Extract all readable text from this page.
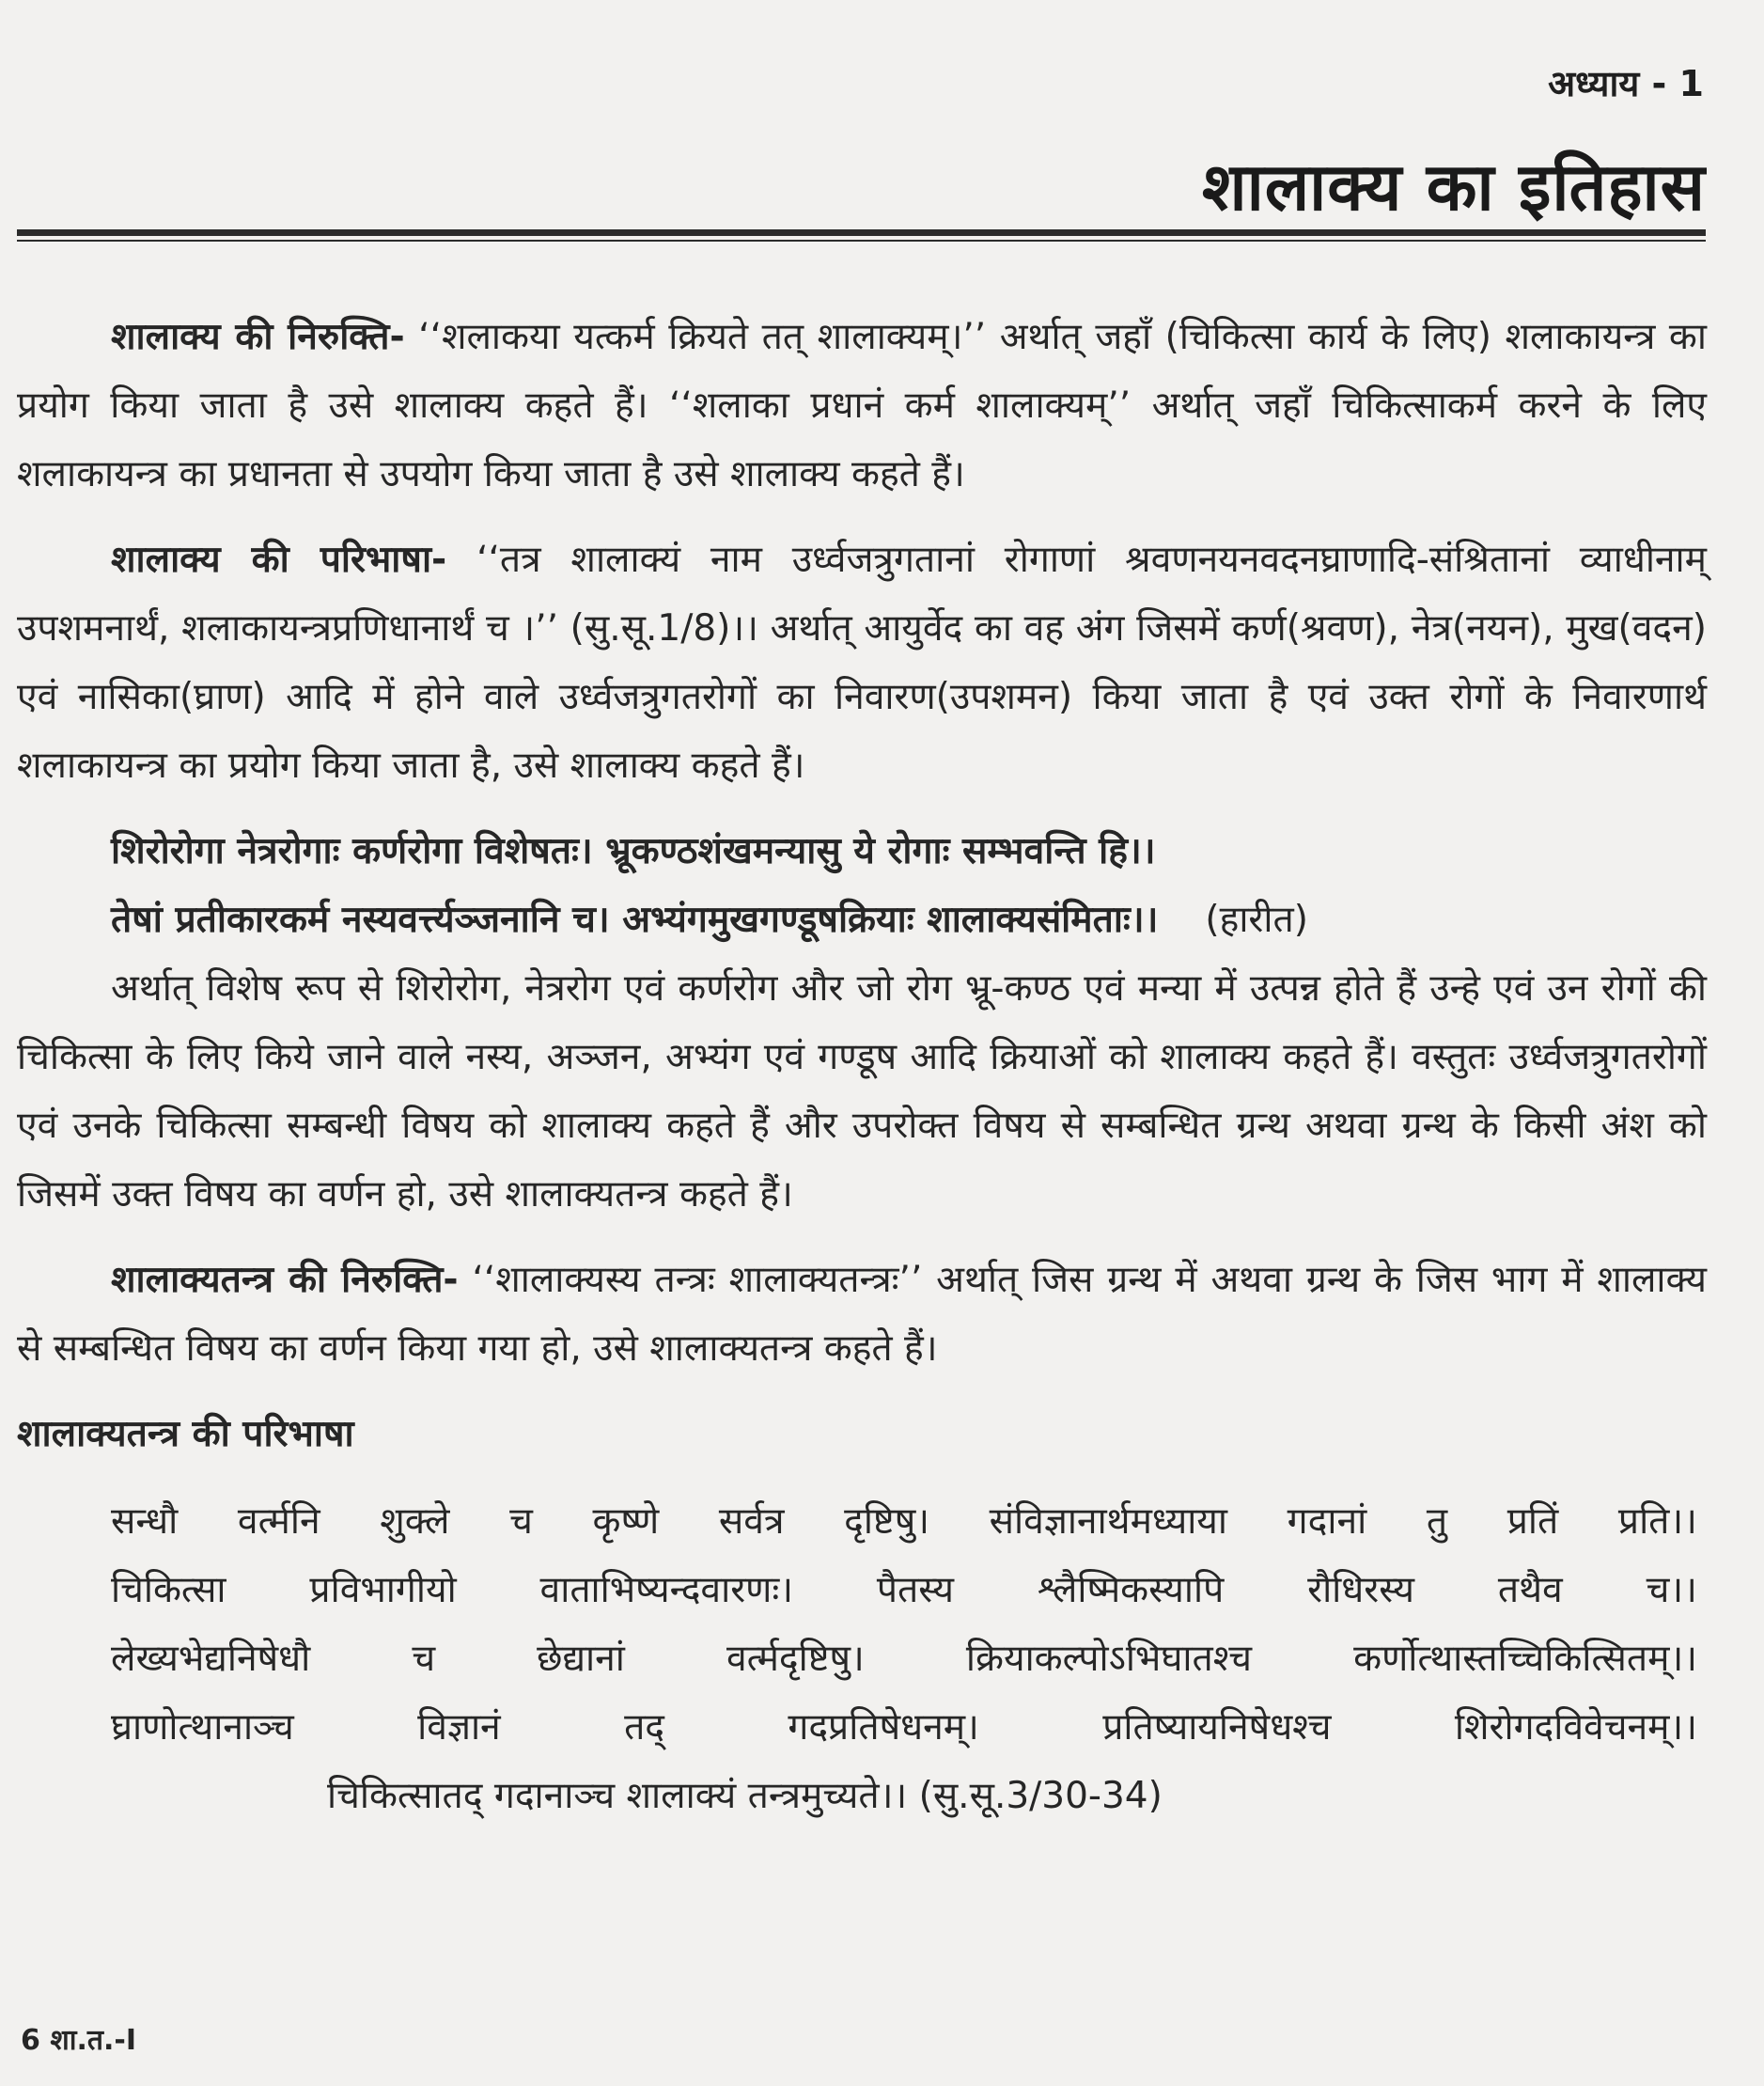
अध्याय - 1
शालाक्य का इतिहास

शालाक्य की निरुक्ति- ‘‘शलाकया यत्कर्म क्रियते तत् शालाक्यम्।’’ अर्थात् जहाँ (चिकित्सा कार्य के लिए) शलाकायन्त्र का प्रयोग किया जाता है उसे शालाक्य कहते हैं। ‘‘शलाका प्रधानं कर्म शालाक्यम्’’ अर्थात् जहाँ चिकित्साकर्म करने के लिए शलाकायन्त्र का प्रधानता से उपयोग किया जाता है उसे शालाक्य कहते हैं।

शालाक्य की परिभाषा- ‘‘तत्र शालाक्यं नाम उर्ध्वजत्रुगतानां रोगाणां श्रवणनयनवदनघ्राणादि-संश्रितानां व्याधीनाम् उपशमनार्थं, शलाकायन्त्रप्रणिधानार्थं च ।’’ (सु.सू.1/8)।। अर्थात् आयुर्वेद का वह अंग जिसमें कर्ण(श्रवण), नेत्र(नयन), मुख(वदन) एवं नासिका(घ्राण) आदि में होने वाले उर्ध्वजत्रुगतरोगों का निवारण(उपशमन) किया जाता है एवं उक्त रोगों के निवारणार्थ शलाकायन्त्र का प्रयोग किया जाता है, उसे शालाक्य कहते हैं।

शिरोरोगा नेत्ररोगाः कर्णरोगा विशेषतः। भ्रूकण्ठशंखमन्यासु ये रोगाः सम्भवन्ति हि।।
तेषां प्रतीकारकर्म नस्यवर्त्त्यञ्जनानि च। अभ्यंगमुखगण्डूषक्रियाः शालाक्यसंमिताः।। (हारीत)

अर्थात् विशेष रूप से शिरोरोग, नेत्ररोग एवं कर्णरोग और जो रोग भ्रू-कण्ठ एवं मन्या में उत्पन्न होते हैं उन्हे एवं उन रोगों की चिकित्सा के लिए किये जाने वाले नस्य, अञ्जन, अभ्यंग एवं गण्डूष आदि क्रियाओं को शालाक्य कहते हैं। वस्तुतः उर्ध्वजत्रुगतरोगों एवं उनके चिकित्सा सम्बन्धी विषय को शालाक्य कहते हैं और उपरोक्त विषय से सम्बन्धित ग्रन्थ अथवा ग्रन्थ के किसी अंश को जिसमें उक्त विषय का वर्णन हो, उसे शालाक्यतन्त्र कहते हैं।

शालाक्यतन्त्र की निरुक्ति- ‘‘शालाक्यस्य तन्त्रः शालाक्यतन्त्रः’’ अर्थात् जिस ग्रन्थ में अथवा ग्रन्थ के जिस भाग में शालाक्य से सम्बन्धित विषय का वर्णन किया गया हो, उसे शालाक्यतन्त्र कहते हैं।

शालाक्यतन्त्र की परिभाषा

सन्धौ वर्त्मनि शुक्ले च कृष्णे सर्वत्र दृष्टिषु। संविज्ञानार्थमध्याया गदानां तु प्रतिं प्रति।।
चिकित्सा प्रविभागीयो वाताभिष्यन्दवारणः। पैतस्य श्लैष्मिकस्यापि रौधिरस्य तथैव च।।
लेख्यभेद्यनिषेधौ	च	छेद्यानां	वर्त्मदृष्टिषु।	क्रियाकल्पोऽभिघातश्च	कर्णोत्थास्तच्चिकित्सितम्।।
घ्राणोत्थानाञ्च	विज्ञानं	तद्	गदप्रतिषेधनम्।	प्रतिष्यायनिषेधश्च	शिरोगदविवेचनम्।।
चिकित्सातद् गदानाञ्च शालाक्यं तन्त्रमुच्यते।। (सु.सू.3/30-34)
6 शा.त.-I
